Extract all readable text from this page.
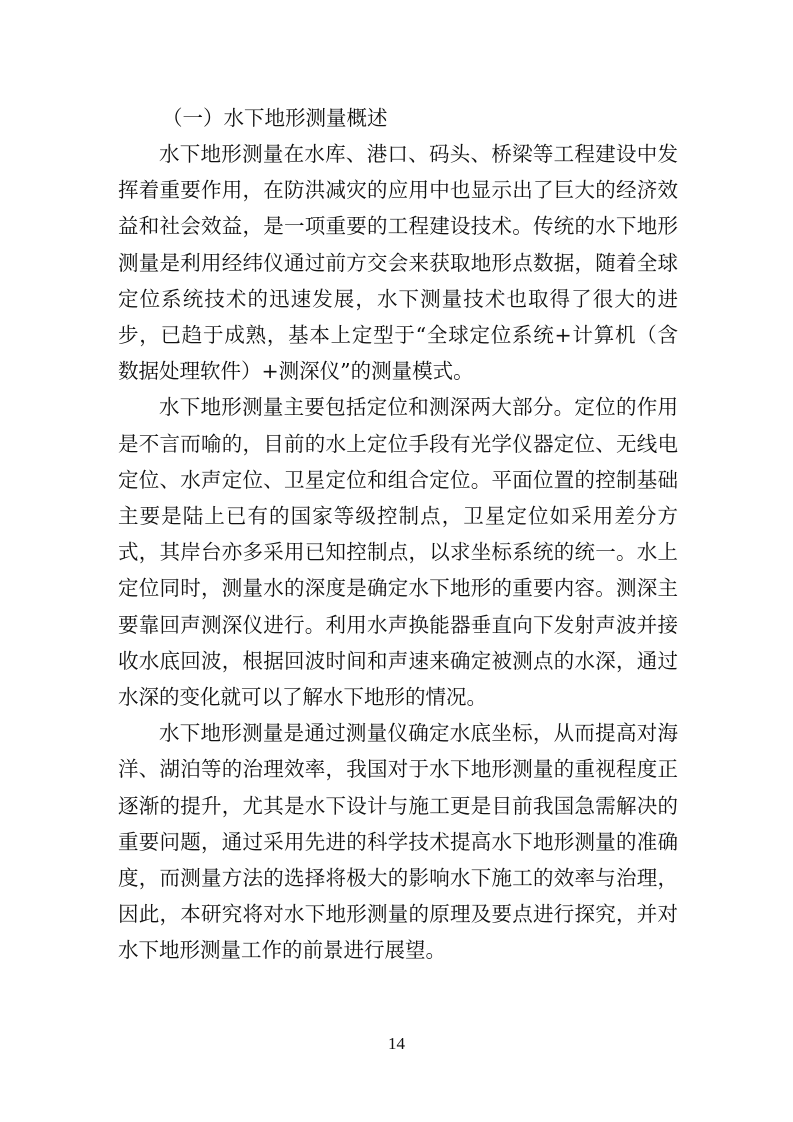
（一）水下地形测量概述

水下地形测量在水库、港口、码头、桥梁等工程建设中发挥着重要作用，在防洪减灾的应用中也显示出了巨大的经济效益和社会效益，是一项重要的工程建设技术。传统的水下地形测量是利用经纬仪通过前方交会来获取地形点数据，随着全球定位系统技术的迅速发展，水下测量技术也取得了很大的进步，已趋于成熟，基本上定型于“全球定位系统+计算机（含数据处理软件）+测深仪”的测量模式。

水下地形测量主要包括定位和测深两大部分。定位的作用是不言而喻的，目前的水上定位手段有光学仪器定位、无线电定位、水声定位、卫星定位和组合定位。平面位置的控制基础主要是陆上已有的国家等级控制点，卫星定位如采用差分方式，其岸台亦多采用已知控制点，以求坐标系统的统一。水上定位同时，测量水的深度是确定水下地形的重要内容。测深主要靠回声测深仪进行。利用水声换能器垂直向下发射声波并接收水底回波，根据回波时间和声速来确定被测点的水深，通过水深的变化就可以了解水下地形的情况。

水下地形测量是通过测量仪确定水底坐标，从而提高对海洋、湖泊等的治理效率，我国对于水下地形测量的重视程度正逐渐的提升，尤其是水下设计与施工更是目前我国急需解决的重要问题，通过采用先进的科学技术提高水下地形测量的准确度，而测量方法的选择将极大的影响水下施工的效率与治理，因此，本研究将对水下地形测量的原理及要点进行探究，并对水下地形测量工作的前景进行展望。

14
